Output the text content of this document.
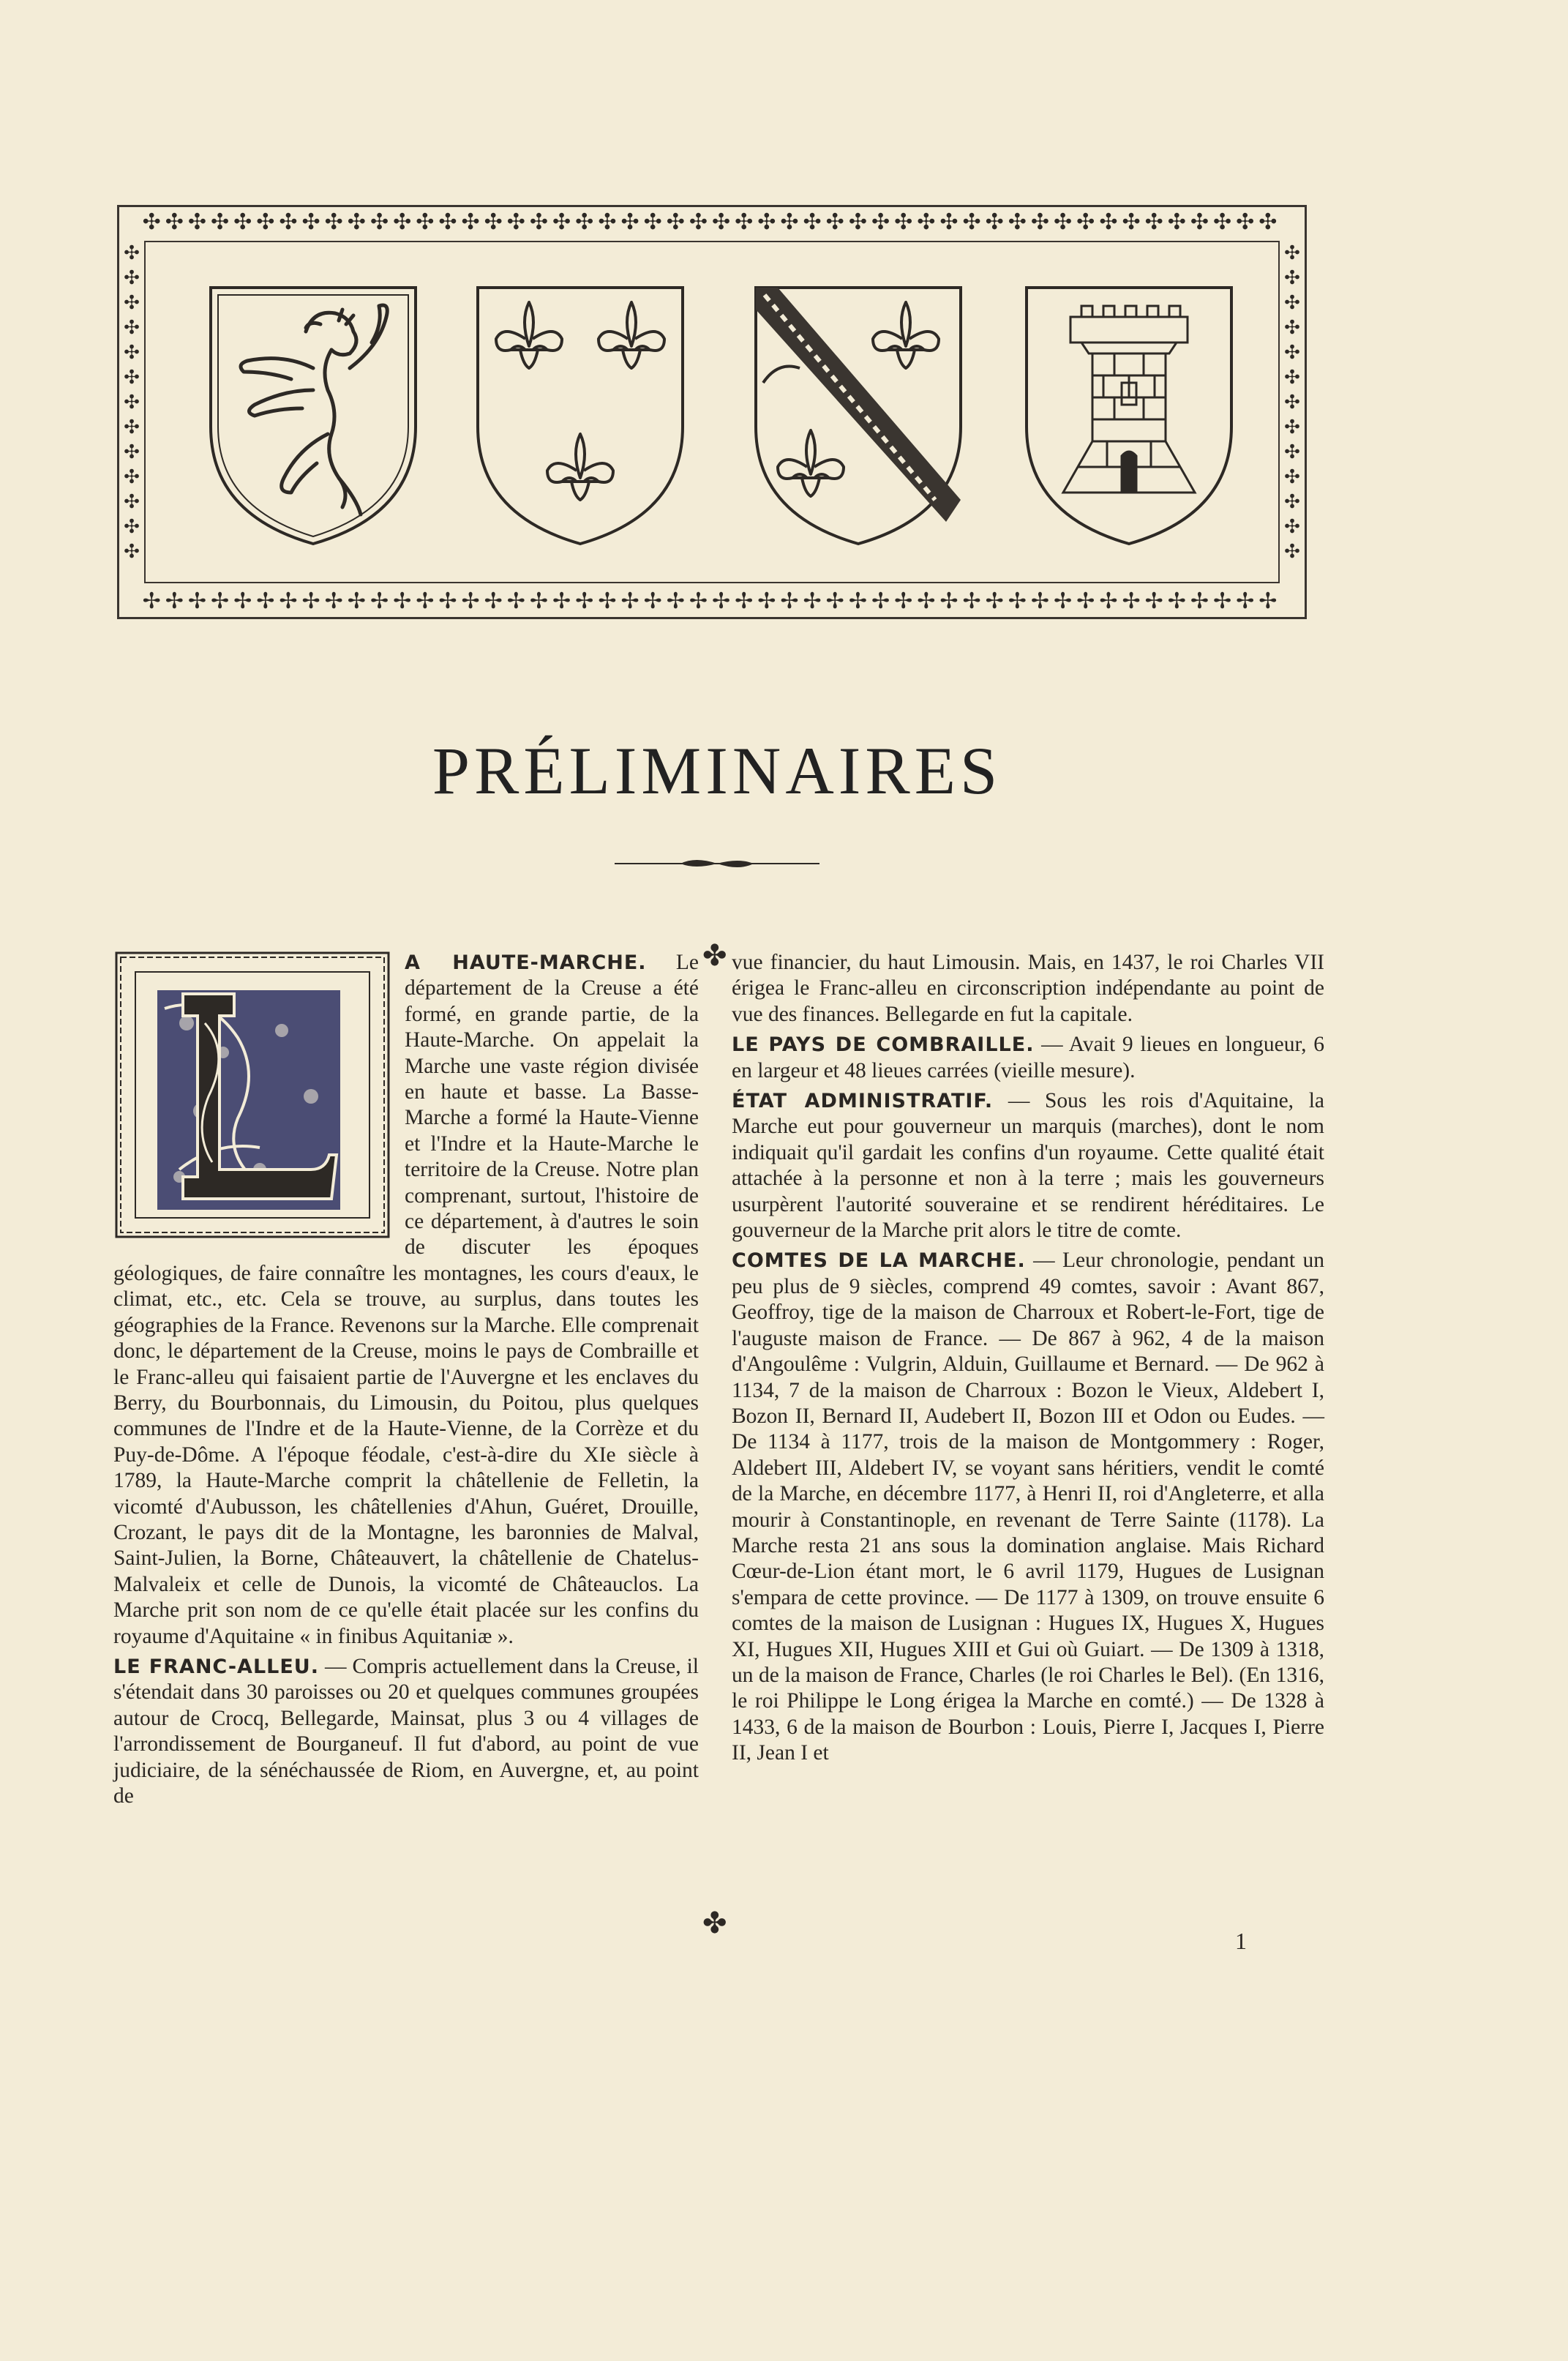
✣✣✣✣✣✣✣✣✣✣✣✣✣✣✣✣✣✣✣✣✣✣✣✣✣✣✣✣✣✣✣✣✣✣✣✣✣✣✣✣✣✣✣✣✣✣✣✣✣✣
✢✢✢✢✢✢✢✢✢✢✢✢✢✢✢✢✢✢✢✢✢✢✢✢✢✢✢✢✢✢✢✢✢✢✢✢✢✢✢✢✢✢✢✢✢✢✢✢✢✢
✣✣✣✣✣✣✣✣✣✣✣✣✣
✣✣✣✣✣✣✣✣✣✣✣✣✣
PRÉLIMINAIRES

A HAUTE-MARCHE. Le département de la Creuse a été formé, en grande partie, de la Haute-Marche. On appelait la Marche une vaste région divisée en haute et basse. La Basse-Marche a formé la Haute-Vienne et l'Indre et la Haute-Marche le territoire de la Creuse. Notre plan comprenant, surtout, l'histoire de ce département, à d'autres le soin de discuter les époques géologiques, de faire connaître les montagnes, les cours d'eaux, le climat, etc., etc. Cela se trouve, au surplus, dans toutes les géographies de la France. Revenons sur la Marche. Elle comprenait donc, le département de la Creuse, moins le pays de Combraille et le Franc-alleu qui faisaient partie de l'Auvergne et les enclaves du Berry, du Bourbonnais, du Limousin, du Poitou, plus quelques communes de l'Indre et de la Haute-Vienne, de la Corrèze et du Puy-de-Dôme. A l'époque féodale, c'est-à-dire du XIe siècle à 1789, la Haute-Marche comprit la châtellenie de Felletin, la vicomté d'Aubusson, les châtellenies d'Ahun, Guéret, Drouille, Crozant, le pays dit de la Montagne, les baronnies de Malval, Saint-Julien, la Borne, Châteauvert, la châtellenie de Chatelus-Malvaleix et celle de Dunois, la vicomté de Châteauclos. La Marche prit son nom de ce qu'elle était placée sur les confins du royaume d'Aquitaine « in finibus Aquitaniæ ».

LE FRANC-ALLEU. — Compris actuellement dans la Creuse, il s'étendait dans 30 paroisses ou 20 et quelques communes groupées autour de Crocq, Bellegarde, Mainsat, plus 3 ou 4 villages de l'arrondissement de Bourganeuf. Il fut d'abord, au point de vue judiciaire, de la sénéchaussée de Riom, en Auvergne, et, au point de

✤
✤

vue financier, du haut Limousin. Mais, en 1437, le roi Charles VII érigea le Franc-alleu en circonscription indépendante au point de vue des finances. Bellegarde en fut la capitale.

LE PAYS DE COMBRAILLE. — Avait 9 lieues en longueur, 6 en largeur et 48 lieues carrées (vieille mesure).

ÉTAT ADMINISTRATIF. — Sous les rois d'Aquitaine, la Marche eut pour gouverneur un marquis (marches), dont le nom indiquait qu'il gardait les confins d'un royaume. Cette qualité était attachée à la personne et non à la terre ; mais les gouverneurs usurpèrent l'autorité souveraine et se rendirent héréditaires. Le gouverneur de la Marche prit alors le titre de comte.

COMTES DE LA MARCHE. — Leur chronologie, pendant un peu plus de 9 siècles, comprend 49 comtes, savoir : Avant 867, Geoffroy, tige de la maison de Charroux et Robert-le-Fort, tige de l'auguste maison de France. — De 867 à 962, 4 de la maison d'Angoulême : Vulgrin, Alduin, Guillaume et Bernard. — De 962 à 1134, 7 de la maison de Charroux : Bozon le Vieux, Aldebert I, Bozon II, Bernard II, Audebert II, Bozon III et Odon ou Eudes. — De 1134 à 1177, trois de la maison de Montgommery : Roger, Aldebert III, Aldebert IV, se voyant sans héritiers, vendit le comté de la Marche, en décembre 1177, à Henri II, roi d'Angleterre, et alla mourir à Constantinople, en revenant de Terre Sainte (1178). La Marche resta 21 ans sous la domination anglaise. Mais Richard Cœur-de-Lion étant mort, le 6 avril 1179, Hugues de Lusignan s'empara de cette province. — De 1177 à 1309, on trouve ensuite 6 comtes de la maison de Lusignan : Hugues IX, Hugues X, Hugues XI, Hugues XII, Hugues XIII et Gui où Guiart. — De 1309 à 1318, un de la maison de France, Charles (le roi Charles le Bel). (En 1316, le roi Philippe le Long érigea la Marche en comté.) — De 1328 à 1433, 6 de la maison de Bourbon : Louis, Pierre I, Jacques I, Pierre II, Jean I et

1
